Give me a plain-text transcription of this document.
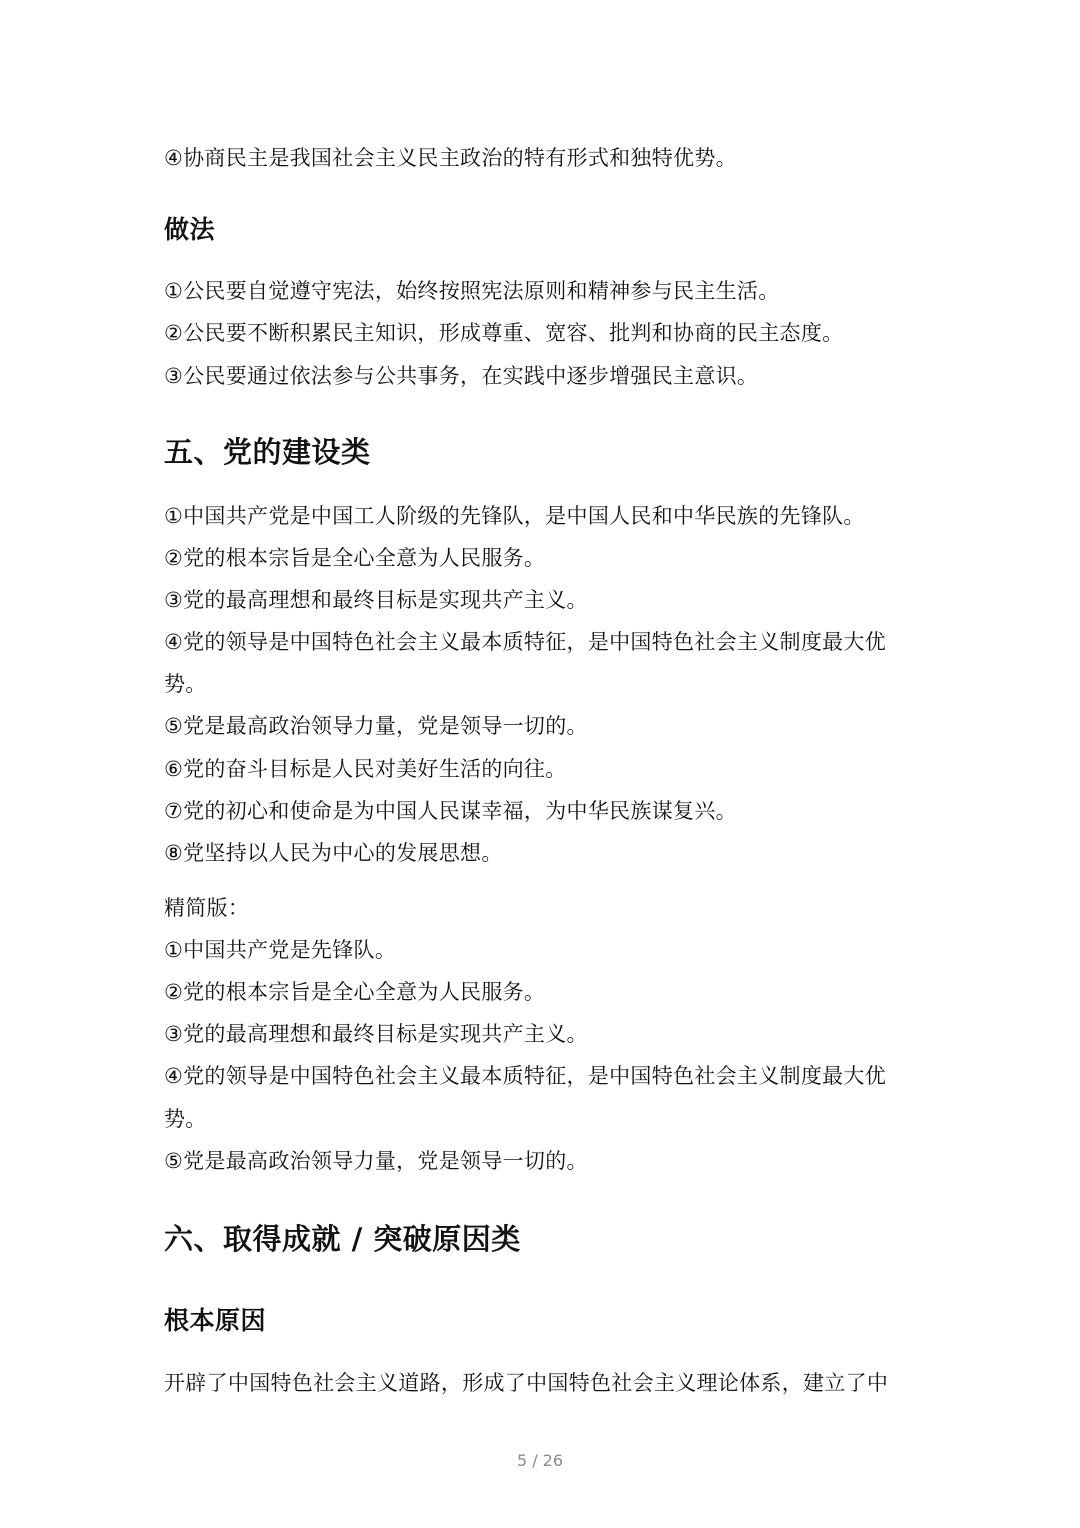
④协商民主是我国社会主义民主政治的特有形式和独特优势。
做法
①公民要自觉遵守宪法，始终按照宪法原则和精神参与民主生活。
②公民要不断积累民主知识，形成尊重、宽容、批判和协商的民主态度。
③公民要通过依法参与公共事务，在实践中逐步增强民主意识。
五、党的建设类
①中国共产党是中国工人阶级的先锋队，是中国人民和中华民族的先锋队。
②党的根本宗旨是全心全意为人民服务。
③党的最高理想和最终目标是实现共产主义。
④党的领导是中国特色社会主义最本质特征，是中国特色社会主义制度最大优
势。
⑤党是最高政治领导力量，党是领导一切的。
⑥党的奋斗目标是人民对美好生活的向往。
⑦党的初心和使命是为中国人民谋幸福，为中华民族谋复兴。
⑧党坚持以人民为中心的发展思想。
精简版：
①中国共产党是先锋队。
②党的根本宗旨是全心全意为人民服务。
③党的最高理想和最终目标是实现共产主义。
④党的领导是中国特色社会主义最本质特征，是中国特色社会主义制度最大优
势。
⑤党是最高政治领导力量，党是领导一切的。
六、取得成就 / 突破原因类
根本原因
开辟了中国特色社会主义道路，形成了中国特色社会主义理论体系，建立了中
5 / 26
